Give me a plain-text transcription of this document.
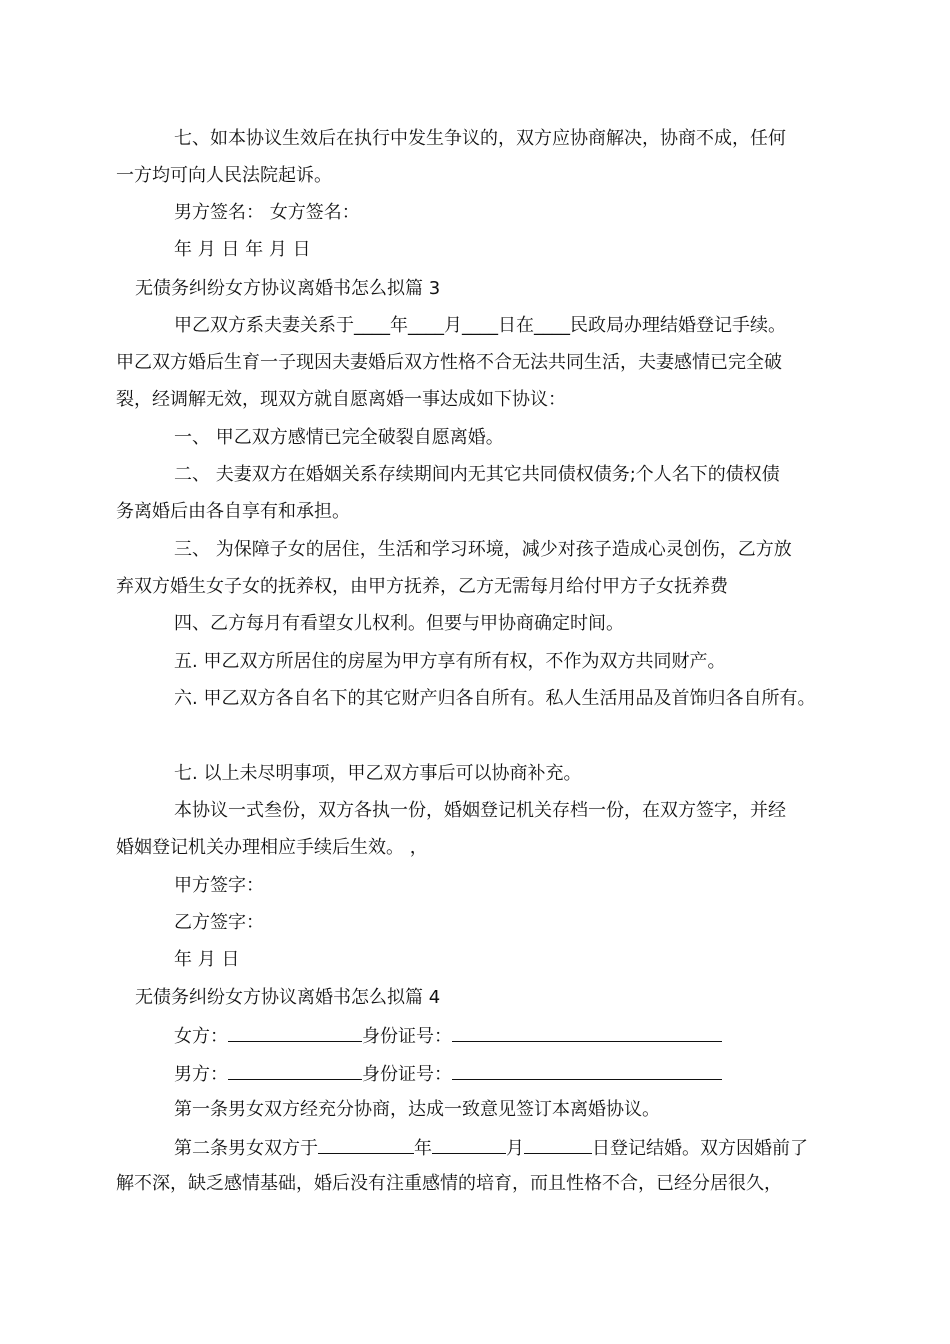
七、如本协议生效后在执行中发生争议的，双方应协商解决，协商不成，任何
一方均可向人民法院起诉。
男方签名： 女方签名：
年 月 日 年 月 日
无债务纠纷女方协议离婚书怎么拟篇 3
甲乙双方系夫妻关系于____年____月____日在____民政局办理结婚登记手续。
甲乙双方婚后生育一子现因夫妻婚后双方性格不合无法共同生活，夫妻感情已完全破
裂，经调解无效，现双方就自愿离婚一事达成如下协议：
一、 甲乙双方感情已完全破裂自愿离婚。
二、 夫妻双方在婚姻关系存续期间内无其它共同债权债务;个人名下的债权债
务离婚后由各自享有和承担。
三、 为保障子女的居住，生活和学习环境，减少对孩子造成心灵创伤，乙方放
弃双方婚生女子女的抚养权，由甲方抚养，乙方无需每月给付甲方子女抚养费
四、乙方每月有看望女儿权利。但要与甲协商确定时间。
五. 甲乙双方所居住的房屋为甲方享有所有权，不作为双方共同财产。
六. 甲乙双方各自名下的其它财产归各自所有。私人生活用品及首饰归各自所有。
七. 以上未尽明事项，甲乙双方事后可以协商补充。
本协议一式叁份，双方各执一份，婚姻登记机关存档一份，在双方签字，并经
婚姻登记机关办理相应手续后生效。 ，
甲方签字：
乙方签字：
年 月 日
无债务纠纷女方协议离婚书怎么拟篇 4
女方：	身份证号：
男方：	身份证号：
第一条男女双方经充分协商，达成一致意见签订本离婚协议。
第二条男女双方于	年	月	日登记结婚。双方因婚前了
解不深，缺乏感情基础，婚后没有注重感情的培育，而且性格不合，已经分居很久，
